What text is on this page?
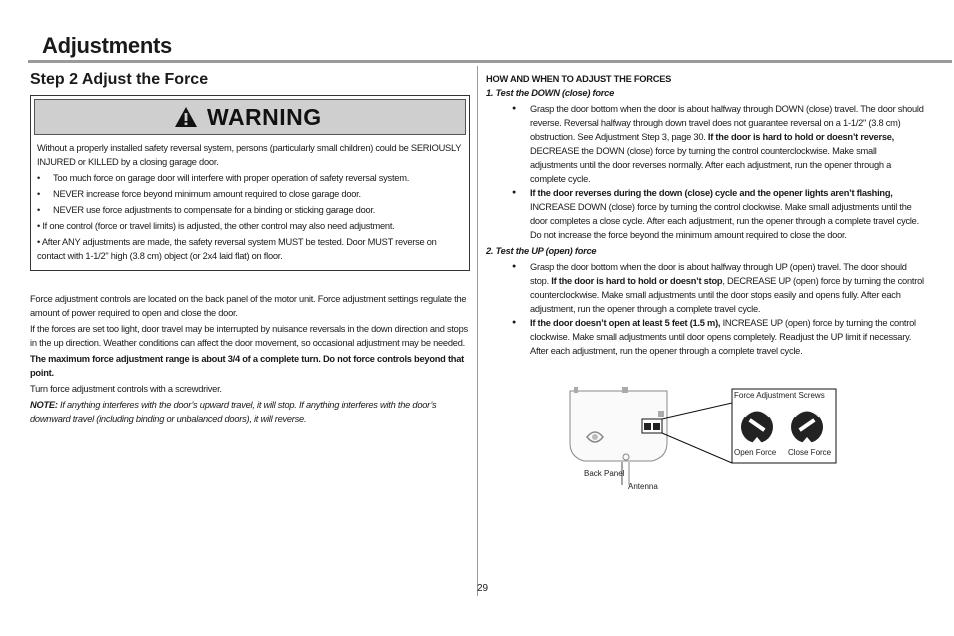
Adjustments
Step 2 Adjust the Force
WARNING

Without a properly installed safety reversal system, persons (particularly small children) could be SERIOUSLY INJURED or KILLED by a closing garage door.

• Too much force on garage door will interfere with proper operation of safety reversal system.
• NEVER increase force beyond minimum amount required to close garage door.
• NEVER use force adjustments to compensate for a binding or sticking garage door.

• If one control (force or travel limits) is adjusted, the other control may also need adjustment.

• After ANY adjustments are made, the safety reversal system MUST be tested. Door MUST reverse on contact with 1-1/2" high (3.8 cm) object (or 2x4 laid flat) on floor.

Force adjustment controls are located on the back panel of the motor unit. Force adjustment settings regulate the amount of power required to open and close the door.

If the forces are set too light, door travel may be interrupted by nuisance reversals in the down direction and stops in the up direction. Weather conditions can affect the door movement, so occasional adjustment may be needed.

The maximum force adjustment range is about 3/4 of a complete turn. Do not force controls beyond that point.

Turn force adjustment controls with a screwdriver.

NOTE: If anything interferes with the door’s upward travel, it will stop. If anything interferes with the door’s downward travel (including binding or unbalanced doors), it will reverse.

HOW AND WHEN TO ADJUST THE FORCES
1. Test the DOWN (close) force
● Grasp the door bottom when the door is about halfway through DOWN (close) travel. The door should reverse. Reversal halfway through down travel does not guarantee reversal on a 1-1/2" (3.8 cm) obstruction. See Adjustment Step 3, page 30. If the door is hard to hold or doesn’t reverse, DECREASE the DOWN (close) force by turning the control counterclockwise. Make small adjustments until the door reverses normally. After each adjustment, run the opener through a complete cycle.
● If the door reverses during the down (close) cycle and the opener lights aren’t flashing, INCREASE DOWN (close) force by turning the control clockwise. Make small adjustments until the door completes a close cycle. After each adjustment, run the opener through a complete travel cycle. Do not increase the force beyond the minimum amount required to close the door.
2. Test the UP (open) force
● Grasp the door bottom when the door is about halfway through UP (open) travel. The door should stop. If the door is hard to hold or doesn’t stop, DECREASE UP (open) force by turning the control counterclockwise. Make small adjustments until the door stops easily and opens fully. After each adjustment, run the opener through a complete travel cycle.
● If the door doesn’t open at least 5 feet (1.5 m), INCREASE UP (open) force by turning the control clockwise. Make small adjustments until door opens completely. Readjust the UP limit if necessary. After each adjustment, run the opener through a complete travel cycle.
Force Adjustment Screws
Open Force Close Force
Back Panel
Antenna
29
